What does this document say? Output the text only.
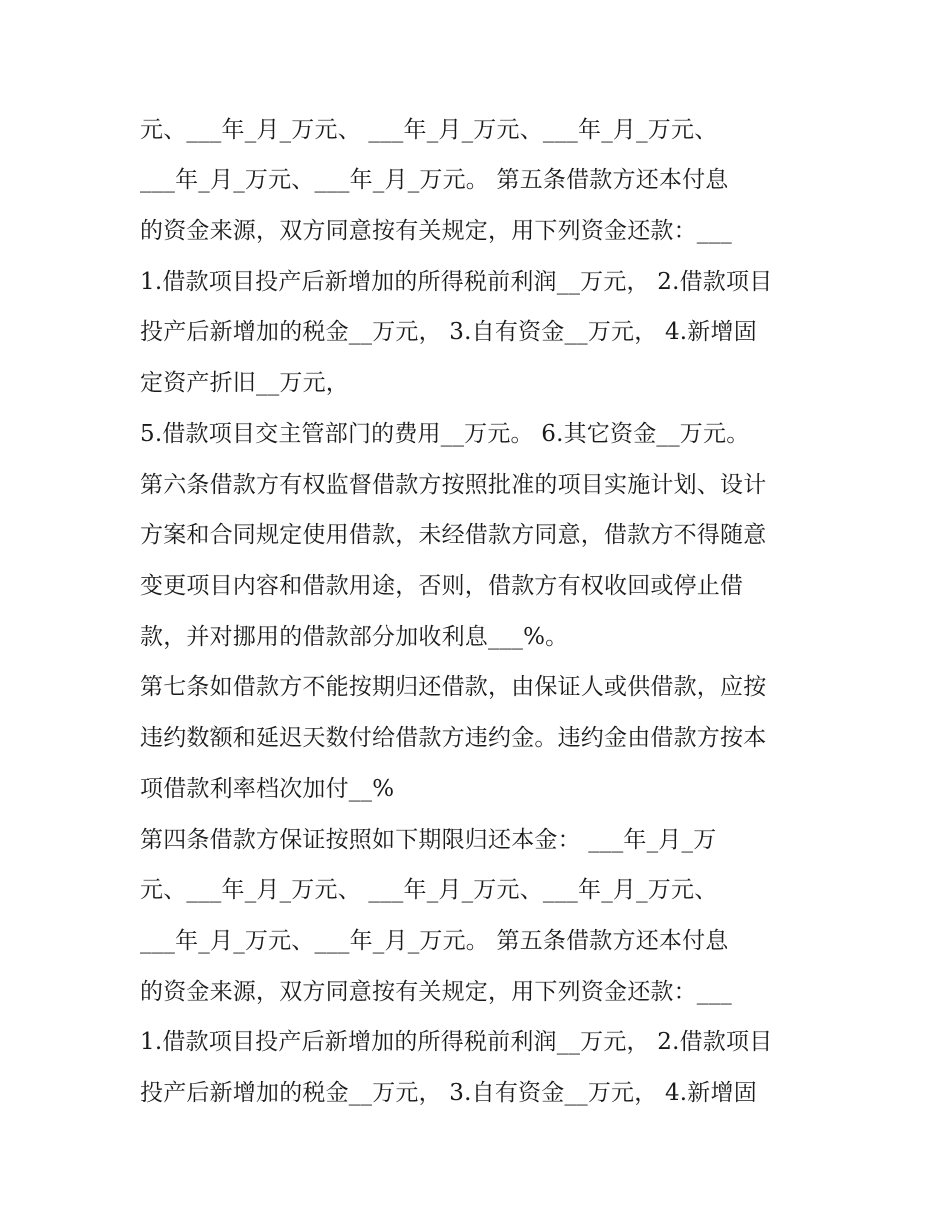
元、___年_月_万元、 ___年_月_万元、___年_月_万元、
___年_月_万元、___年_月_万元。 第五条借款方还本付息
的资金来源，双方同意按有关规定，用下列资金还款：___
1.借款项目投产后新增加的所得税前利润__万元， 2.借款项目
投产后新增加的税金__万元， 3.自有资金__万元， 4.新增固
定资产折旧__万元，
5.借款项目交主管部门的费用__万元。 6.其它资金__万元。
第六条借款方有权监督借款方按照批准的项目实施计划、设计
方案和合同规定使用借款，未经借款方同意，借款方不得随意
变更项目内容和借款用途，否则，借款方有权收回或停止借
款，并对挪用的借款部分加收利息___%。
第七条如借款方不能按期归还借款，由保证人或供借款，应按
违约数额和延迟天数付给借款方违约金。违约金由借款方按本
项借款利率档次加付__%
第四条借款方保证按照如下期限归还本金： ___年_月_万
元、___年_月_万元、 ___年_月_万元、___年_月_万元、
___年_月_万元、___年_月_万元。 第五条借款方还本付息
的资金来源，双方同意按有关规定，用下列资金还款：___
1.借款项目投产后新增加的所得税前利润__万元， 2.借款项目
投产后新增加的税金__万元， 3.自有资金__万元， 4.新增固
